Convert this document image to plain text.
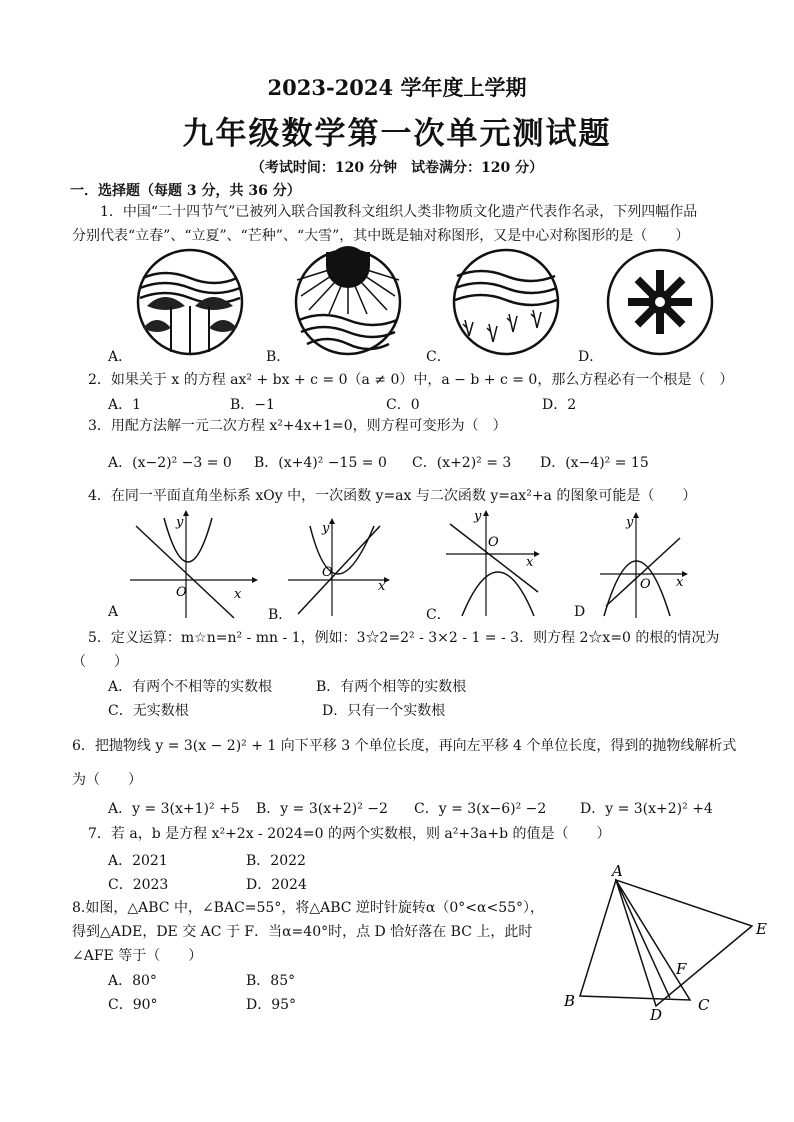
2023-2024 学年度上学期
九年级数学第一次单元测试题
（考试时间：120 分钟　试卷满分：120 分）
一．选择题（每题 3 分，共 36 分）
1．中国“二十四节气”已被列入联合国教科文组织人类非物质文化遗产代表作名录，下列四幅作品
分别代表“立春”、“立夏”、“芒种”、“大雪”，其中既是轴对称图形，又是中心对称图形的是（　　）
A．	B．	C．	D．
2．如果关于 x 的方程 ax² + bx + c = 0（a ≠ 0）中，a − b + c = 0，那么方程必有一个根是（　）
A．1	B．−1	C．0	D．2
3．用配方法解一元二次方程 x²+4x+1=0，则方程可变形为（　）
A．(x−2)² −3 = 0 B．(x+4)² −15 = 0 C．(x+2)² = 3 D．(x−4)² = 15
4．在同一平面直角坐标系 xOy 中，一次函数 y=ax 与二次函数 y=ax²+a 的图象可能是（　　）
y
O	x
A
y
O
x
B．
y
O
x
C．
y
O x
D
5．定义运算：m☆n=n² - mn - 1，例如：3☆2=2² - 3×2 - 1 = - 3．则方程 2☆x=0 的根的情况为
（　　）
A．有两个不相等的实数根	B．有两个相等的实数根
C．无实数根	D．只有一个实数根
6．把抛物线 y = 3(x − 2)² + 1 向下平移 3 个单位长度，再向左平移 4 个单位长度，得到的抛物线解析式
为（　　）
A．y = 3(x+1)² +5 B．y = 3(x+2)² −2 C．y = 3(x−6)² −2 D．y = 3(x+2)² +4
7．若 a，b 是方程 x²+2x - 2024=0 的两个实数根，则 a²+3a+b 的值是（　　）
A．2021	B．2022
C．2023	D．2024
8.如图，△ABC 中，∠BAC=55°，将△ABC 逆时针旋转α（0°<α<55°），
得到△ADE，DE 交 AC 于 F．当α=40°时，点 D 恰好落在 BC 上，此时
∠AFE 等于（　　）
A．80°	B．85°
C．90°	D．95°
A
B	C
D
E
F
